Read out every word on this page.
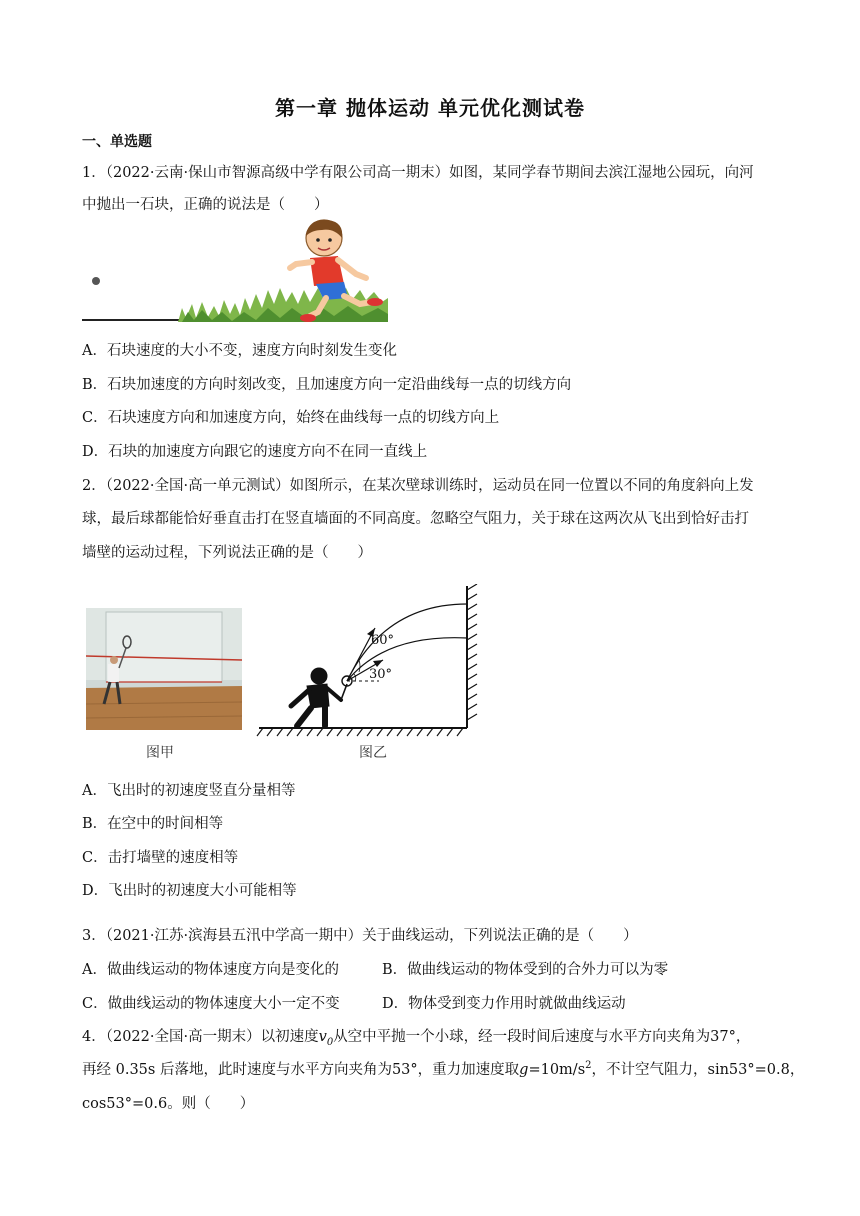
第一章 抛体运动 单元优化测试卷
一、单选题
1．（2022·云南·保山市智源高级中学有限公司高一期末）如图，某同学春节期间去滨江湿地公园玩，向河
中抛出一石块，正确的说法是（　　）
A．石块速度的大小不变，速度方向时刻发生变化
B．石块加速度的方向时刻改变，且加速度方向一定沿曲线每一点的切线方向
C．石块速度方向和加速度方向，始终在曲线每一点的切线方向上
D．石块的加速度方向跟它的速度方向不在同一直线上
2．（2022·全国·高一单元测试）如图所示，在某次壁球训练时，运动员在同一位置以不同的角度斜向上发
球，最后球都能恰好垂直击打在竖直墙面的不同高度。忽略空气阻力，关于球在这两次从飞出到恰好击打
墙壁的运动过程，下列说法正确的是（　　）
图甲
60°
30°
图乙
A．飞出时的初速度竖直分量相等
B．在空中的时间相等
C．击打墙壁的速度相等
D．飞出时的初速度大小可能相等
3．（2021·江苏·滨海县五汛中学高一期中）关于曲线运动，下列说法正确的是（　　）
A．做曲线运动的物体速度方向是变化的	B．做曲线运动的物体受到的合外力可以为零
C．做曲线运动的物体速度大小一定不变	D．物体受到变力作用时就做曲线运动
4．（2022·全国·高一期末）以初速度$v_0$从空中平抛一个小球，经一段时间后速度与水平方向夹角为37°，
再经 0.35s 后落地，此时速度与水平方向夹角为53°，重力加速度取$g=10m/s^2$，不计空气阻力，sin53°=0.8，
cos53°=0.6。则（　　）
